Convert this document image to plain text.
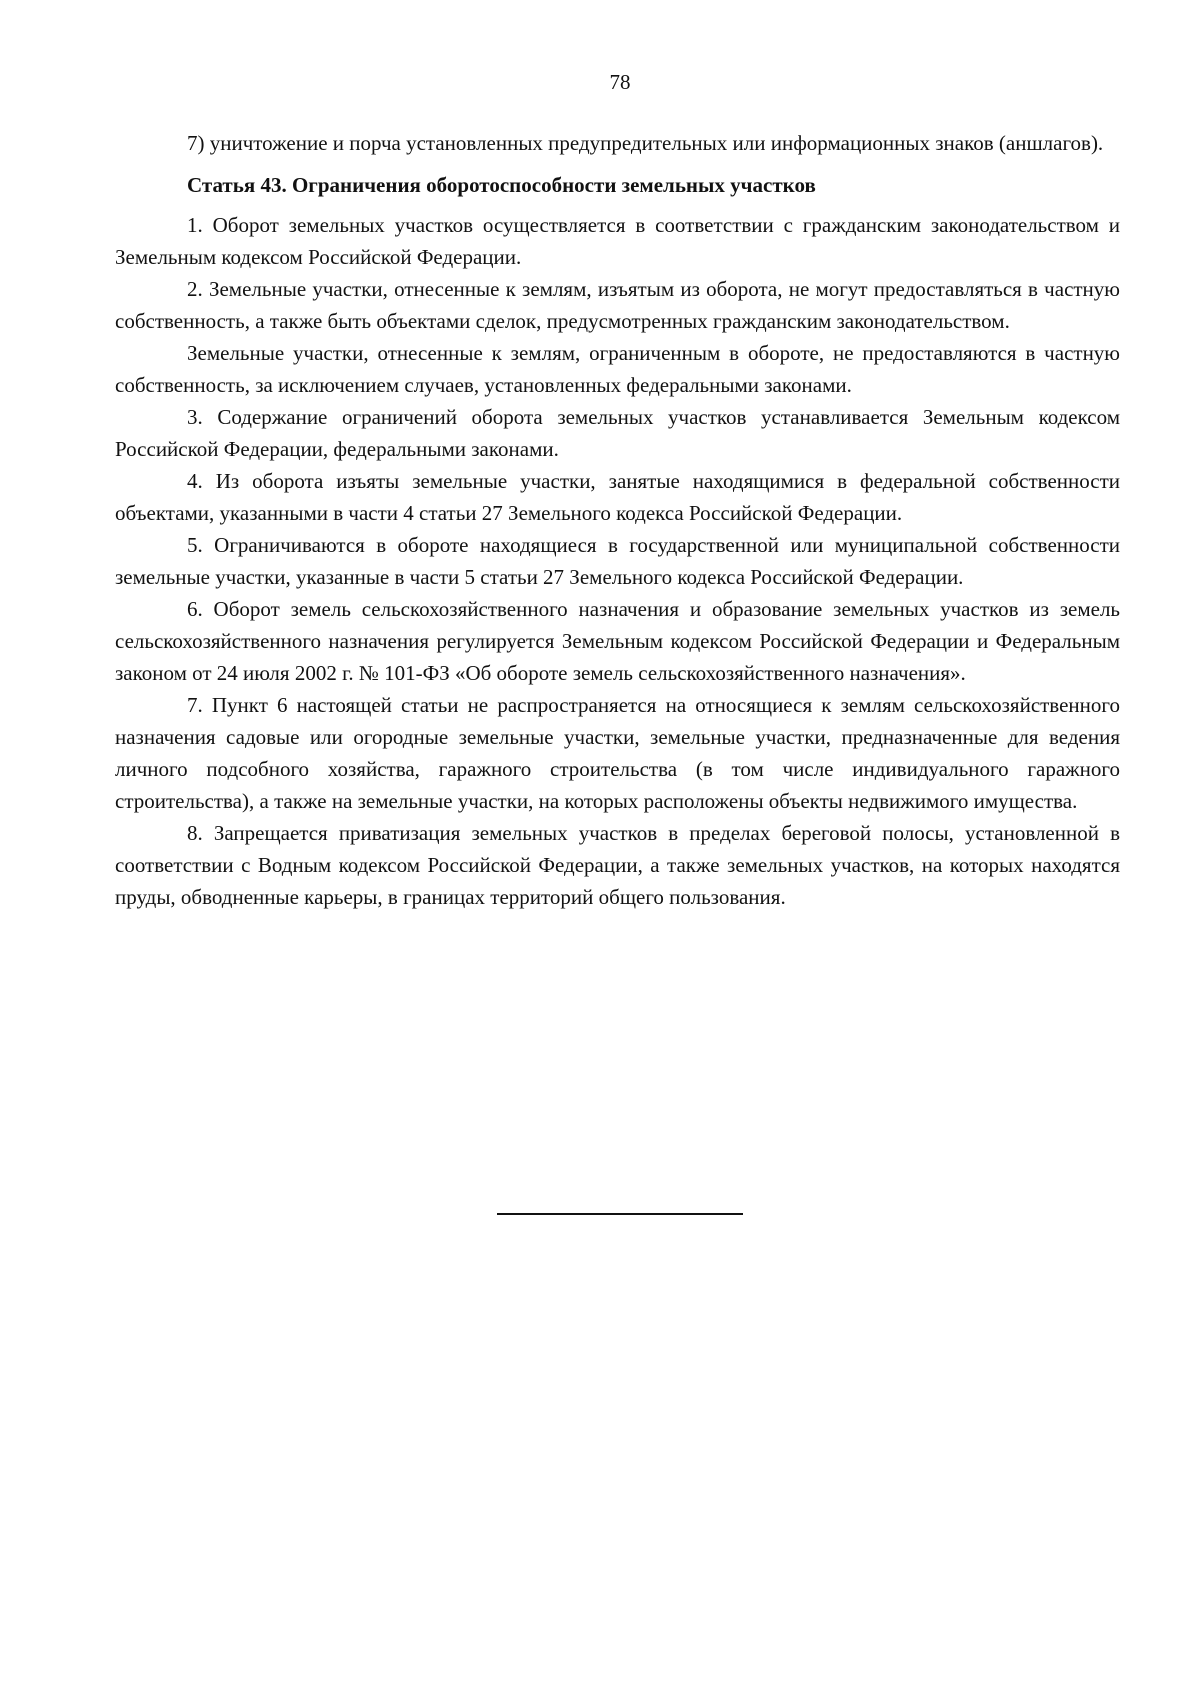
78

7) уничтожение и порча установленных предупредительных или информационных знаков (аншлагов).

Статья 43. Ограничения оборотоспособности земельных участков

1. Оборот земельных участков осуществляется в соответствии с гражданским законодательством и Земельным кодексом Российской Федерации.

2. Земельные участки, отнесенные к землям, изъятым из оборота, не могут предоставляться в частную собственность, а также быть объектами сделок, предусмотренных гражданским законодательством.

Земельные участки, отнесенные к землям, ограниченным в обороте, не предоставляются в частную собственность, за исключением случаев, установленных федеральными законами.

3. Содержание ограничений оборота земельных участков устанавливается Земельным кодексом Российской Федерации, федеральными законами.

4. Из оборота изъяты земельные участки, занятые находящимися в федеральной собственности объектами, указанными в части 4 статьи 27 Земельного кодекса Российской Федерации.

5. Ограничиваются в обороте находящиеся в государственной или муниципальной собственности земельные участки, указанные в части 5 статьи 27 Земельного кодекса Российской Федерации.

6. Оборот земель сельскохозяйственного назначения и образование земельных участков из земель сельскохозяйственного назначения регулируется Земельным кодексом Российской Федерации и Федеральным законом от 24 июля 2002 г. № 101-ФЗ «Об обороте земель сельскохозяйственного назначения».

7. Пункт 6 настоящей статьи не распространяется на относящиеся к землям сельскохозяйственного назначения садовые или огородные земельные участки, земельные участки, предназначенные для ведения личного подсобного хозяйства, гаражного строительства (в том числе индивидуального гаражного строительства), а также на земельные участки, на которых расположены объекты недвижимого имущества.

8. Запрещается приватизация земельных участков в пределах береговой полосы, установленной в соответствии с Водным кодексом Российской Федерации, а также земельных участков, на которых находятся пруды, обводненные карьеры, в границах территорий общего пользования.
